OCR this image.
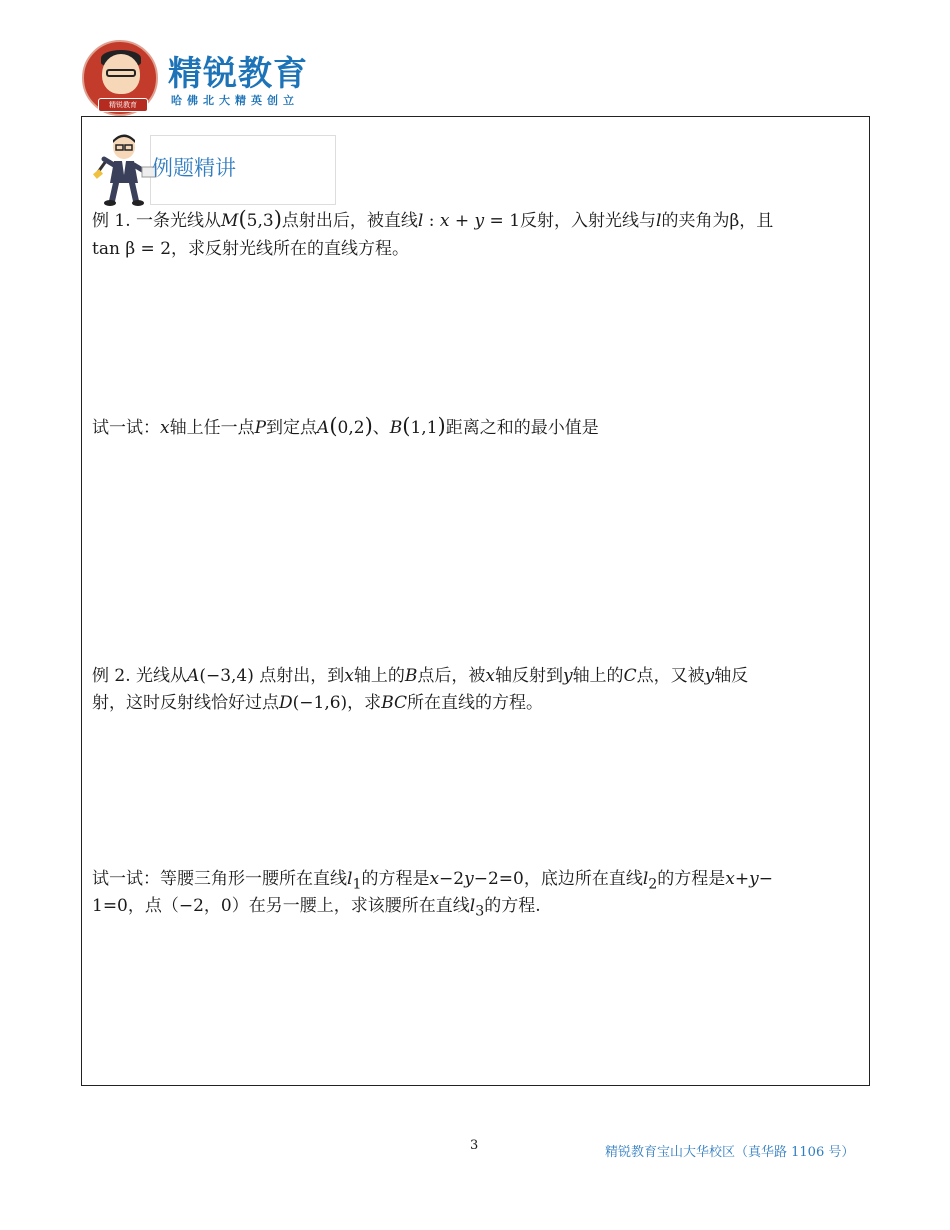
精锐教育
精锐教育
哈佛北大精英创立
例题精讲
例 1. 一条光线从M(5,3)点射出后，被直线l : x + y = 1反射，入射光线与l的夹角为β，且
tan β = 2，求反射光线所在的直线方程。
试一试：x轴上任一点P到定点A(0,2)、B(1,1)距离之和的最小值是
例 2. 光线从A(−3,4) 点射出，到x轴上的B点后，被x轴反射到y轴上的C点，又被y轴反
射，这时反射线恰好过点D(−1,6)，求BC所在直线的方程。
试一试：等腰三角形一腰所在直线$l_1$的方程是x−2y−2=0，底边所在直线$l_2$的方程是x+y−
1=0，点（−2，0）在另一腰上，求该腰所在直线$l_3$的方程.
3	精锐教育宝山大华校区（真华路 1106 号）
